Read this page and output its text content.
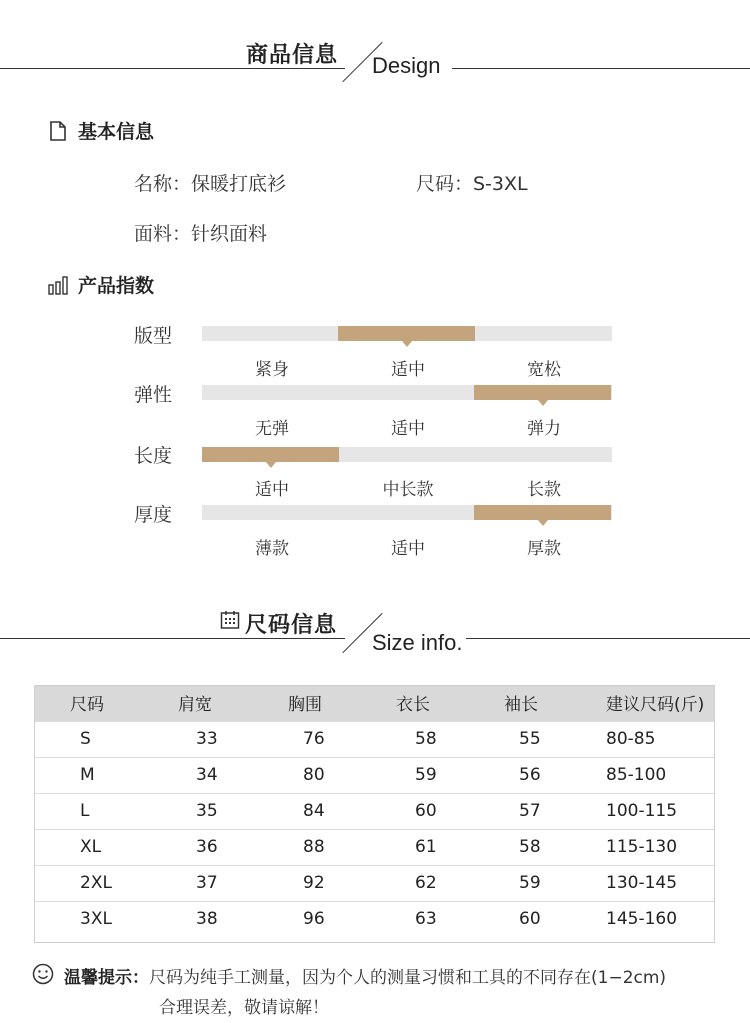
商品信息 Design
基本信息
名称：保暖打底衫	尺码：S-3XL
面料：针织面料
产品指数
版型
紧身	适中	宽松
弹性
无弹	适中	弹力
长度
适中	中长款	长款
厚度
薄款	适中	厚款
尺码信息
Size info.
尺码	肩宽	胸围	衣长	袖长	建议尺码(斤)
S	33	76	58	55	80-85
M	34	80	59	56	85-100
L	35	84	60	57	100-115
XL	36	88	61	58	115-130
2XL	37	92	62	59	130-145
3XL	38	96	63	60	145-160
温馨提示：尺码为纯手工测量，因为个人的测量习惯和工具的不同存在(1−2cm)
合理误差，敬请谅解！
